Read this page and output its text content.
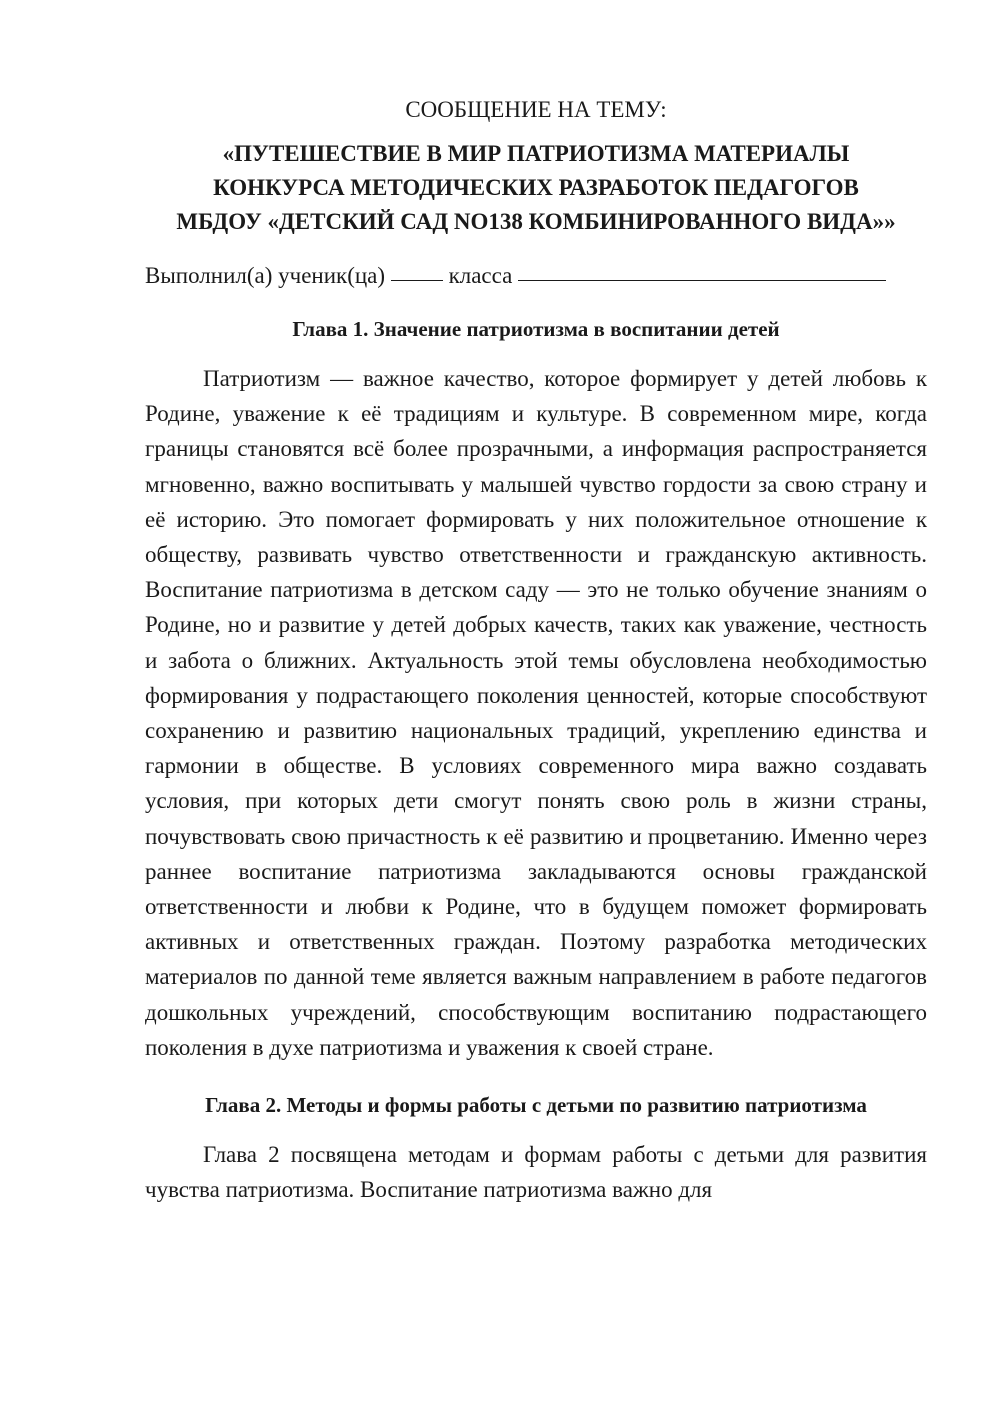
СООБЩЕНИЕ НА ТЕМУ:

«ПУТЕШЕСТВИЕ В МИР ПАТРИОТИЗМА МАТЕРИАЛЫ
КОНКУРСА МЕТОДИЧЕСКИХ РАЗРАБОТОК ПЕДАГОГОВ
МБДОУ «ДЕТСКИЙ САД NO138 КОМБИНИРОВАННОГО ВИДА»»

Выполнил(а) ученик(ца)	класса

Глава 1. Значение патриотизма в воспитании детей

Патриотизм — важное качество, которое формирует у детей любовь к Родине, уважение к её традициям и культуре. В современном мире, когда границы становятся всё более прозрачными, а информация распространяется мгновенно, важно воспитывать у малышей чувство гордости за свою страну и её историю. Это помогает формировать у них положительное отношение к обществу, развивать чувство ответственности и гражданскую активность. Воспитание патриотизма в детском саду — это не только обучение знаниям о Родине, но и развитие у детей добрых качеств, таких как уважение, честность и забота о ближних. Актуальность этой темы обусловлена необходимостью формирования у подрастающего поколения ценностей, которые способствуют сохранению и развитию национальных традиций, укреплению единства и гармонии в обществе. В условиях современного мира важно создавать условия, при которых дети смогут понять свою роль в жизни страны, почувствовать свою причастность к её развитию и процветанию. Именно через раннее воспитание патриотизма закладываются основы гражданской ответственности и любви к Родине, что в будущем поможет формировать активных и ответственных граждан. Поэтому разработка методических материалов по данной теме является важным направлением в работе педагогов дошкольных учреждений, способствующим воспитанию подрастающего поколения в духе патриотизма и уважения к своей стране.

Глава 2. Методы и формы работы с детьми по развитию патриотизма

Глава 2 посвящена методам и формам работы с детьми для развития чувства патриотизма. Воспитание патриотизма важно для
